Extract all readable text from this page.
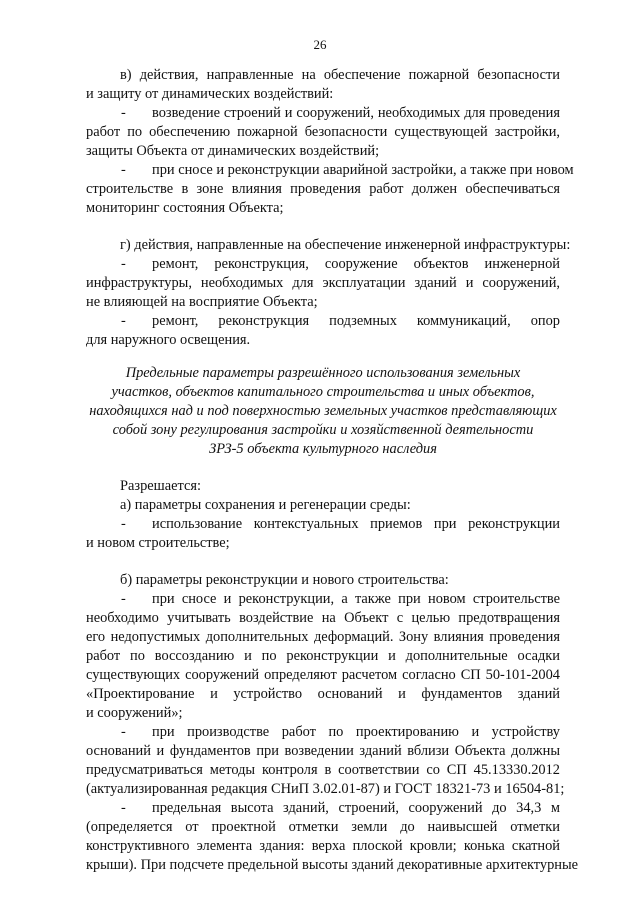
26
в) действия, направленные на обеспечение пожарной безопасности
и защиту от динамических воздействий:
-	возведение строений и сооружений, необходимых для проведения
работ по обеспечению пожарной безопасности существующей застройки,
защиты Объекта от динамических воздействий;
-	при сносе и реконструкции аварийной застройки, а также при новом
строительстве в зоне влияния проведения работ должен обеспечиваться
мониторинг состояния Объекта;
г) действия, направленные на обеспечение инженерной инфраструктуры:
-	ремонт, реконструкция, сооружение объектов инженерной
инфраструктуры, необходимых для эксплуатации зданий и сооружений,
не влияющей на восприятие Объекта;
-	ремонт, реконструкция подземных коммуникаций, опор
для наружного освещения.
Предельные параметры разрешённого использования земельных
участков, объектов капитального строительства и иных объектов,
находящихся над и под поверхностью земельных участков представляющих
собой зону регулирования застройки и хозяйственной деятельности
ЗРЗ-5 объекта культурного наследия
Разрешается:
а) параметры сохранения и регенерации среды:
-	использование контекстуальных приемов при реконструкции
и новом строительстве;
б) параметры реконструкции и нового строительства:
-	при сносе и реконструкции, а также при новом строительстве
необходимо учитывать воздействие на Объект с целью предотвращения
его недопустимых дополнительных деформаций. Зону влияния проведения
работ по воссозданию и по реконструкции и дополнительные осадки
существующих сооружений определяют расчетом согласно СП 50-101-2004
«Проектирование и устройство оснований и фундаментов зданий
и сооружений»;
-	при производстве работ по проектированию и устройству
оснований и фундаментов при возведении зданий вблизи Объекта должны
предусматриваться методы контроля в соответствии со СП 45.13330.2012
(актуализированная редакция СНиП 3.02.01-87) и ГОСТ 18321-73 и 16504-81;
-	предельная высота зданий, строений, сооружений до 34,3 м
(определяется от проектной отметки земли до наивысшей отметки
конструктивного элемента здания: верха плоской кровли; конька скатной
крыши). При подсчете предельной высоты зданий декоративные архитектурные
